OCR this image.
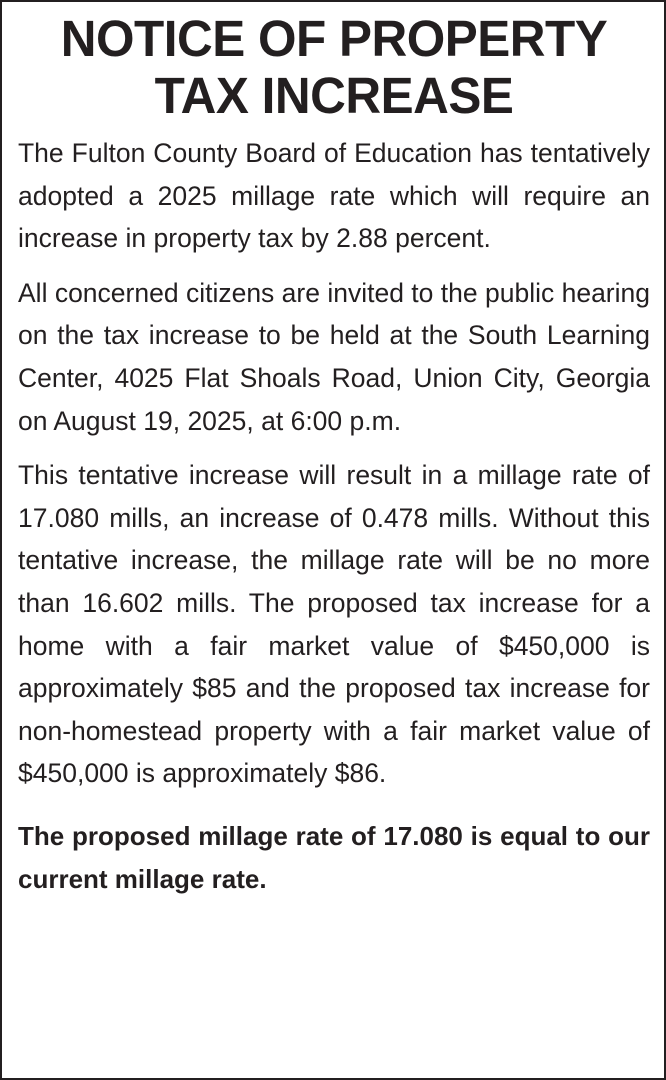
NOTICE OF PROPERTY
TAX INCREASE

The Fulton County Board of Education has tentatively adopted a 2025 millage rate which will require an increase in property tax by 2.88 percent.

All concerned citizens are invited to the public hearing on the tax increase to be held at the South Learning Center, 4025 Flat Shoals Road, Union City, Georgia on August 19, 2025, at 6:00 p.m.

This tentative increase will result in a millage rate of 17.080 mills, an increase of 0.478 mills. Without this tentative increase, the millage rate will be no more than 16.602 mills. The proposed tax increase for a home with a fair market value of $450,000 is approximately $85 and the proposed tax increase for non-homestead property with a fair market value of $450,000 is approximately $86.

The proposed millage rate of 17.080 is equal to our current millage rate.
